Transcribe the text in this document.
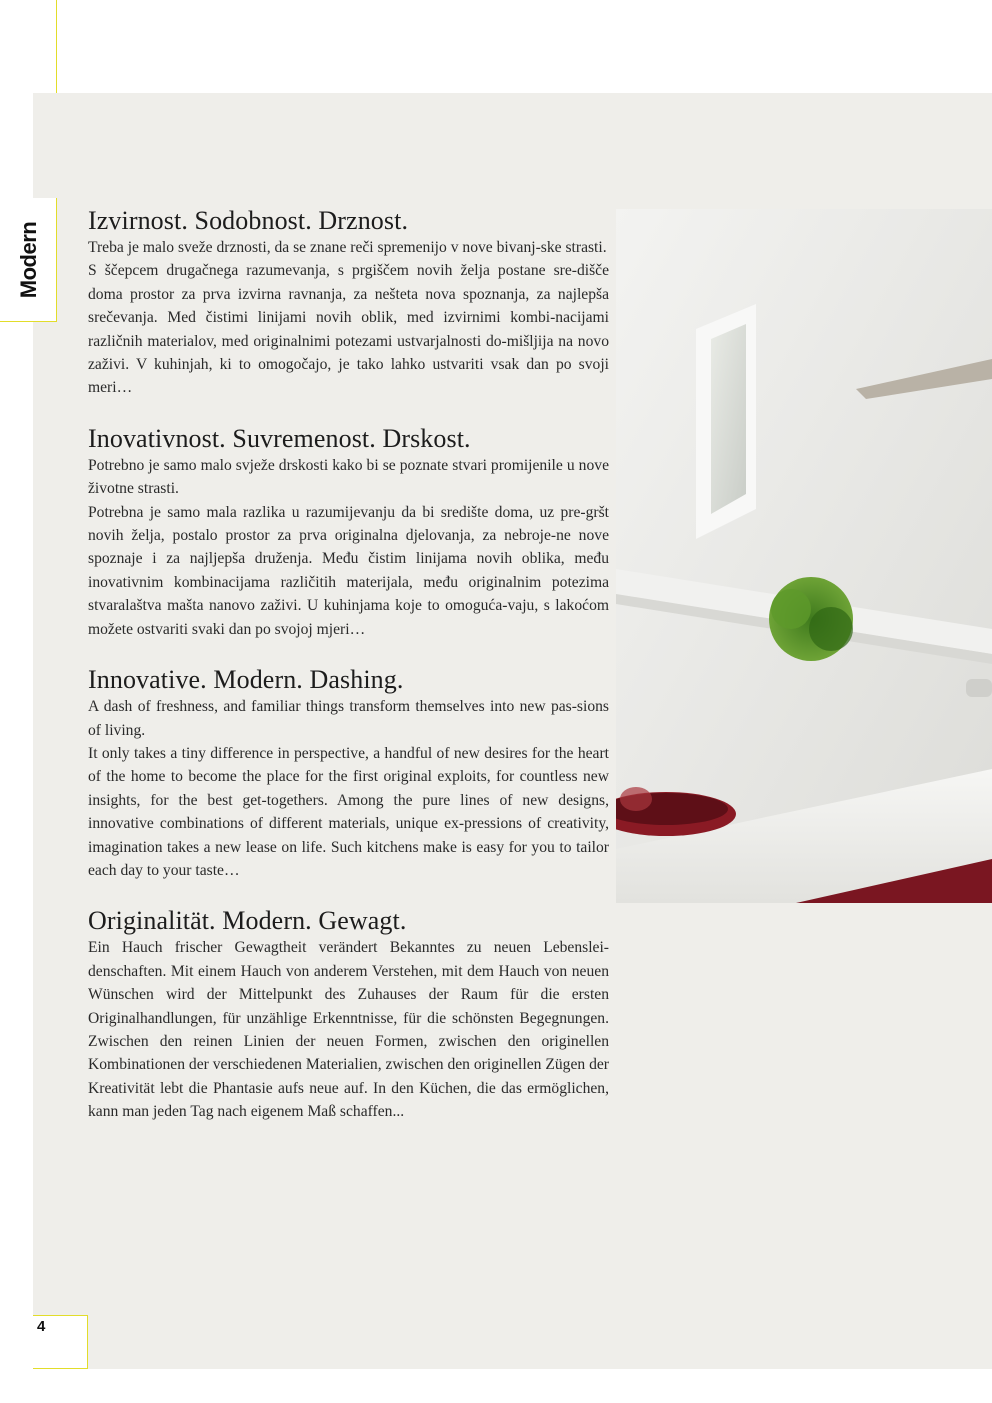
Modern
Izvirnost. Sodobnost. Drznost.

Treba je malo sveže drznosti, da se znane reči spremenijo v nove bivanj-ske strasti.

S ščepcem drugačnega razumevanja, s prgiščem novih želja postane sre-dišče doma prostor za prva izvirna ravnanja, za nešteta nova spoznanja, za najlepša srečevanja. Med čistimi linijami novih oblik, med izvirnimi kombi-nacijami različnih materialov, med originalnimi potezami ustvarjalnosti do-mišljija na novo zaživi. V kuhinjah, ki to omogočajo, je tako lahko ustvariti vsak dan po svoji meri…

Inovativnost. Suvremenost. Drskost.

Potrebno je samo malo svježe drskosti kako bi se poznate stvari promijenile u nove životne strasti.

Potrebna je samo mala razlika u razumijevanju da bi središte doma, uz pre-gršt novih želja, postalo prostor za prva originalna djelovanja, za nebroje-ne nove spoznaje i za najljepša druženja. Među čistim linijama novih oblika, među inovativnim kombinacijama različitih materijala, među originalnim potezima stvaralaštva mašta nanovo zaživi. U kuhinjama koje to omogućа-vaju, s lakoćom možete ostvariti svaki dan po svojoj mjeri…

Innovative. Modern. Dashing.

A dash of freshness, and familiar things transform themselves into new pas-sions of living.

It only takes a tiny difference in perspective, a handful of new desires for the heart of the home to become the place for the first original exploits, for countless new insights, for the best get-togethers. Among the pure lines of new designs, innovative combinations of different materials, unique ex-pressions of creativity, imagination takes a new lease on life. Such kitchens make is easy for you to tailor each day to your taste…

Originalität. Modern. Gewagt.

Ein Hauch frischer Gewagtheit verändert Bekanntes zu neuen Lebenslei-denschaften. Mit einem Hauch von anderem Verstehen, mit dem Hauch von neuen Wünschen wird der Mittelpunkt des Zuhauses der Raum für die ersten Originalhandlungen, für unzählige Erkenntnisse, für die schönsten Begegnungen. Zwischen den reinen Linien der neuen Formen, zwischen den originellen Kombinationen der verschiedenen Materialien, zwischen den originellen Zügen der Kreativität lebt die Phantasie aufs neue auf. In den Küchen, die das ermöglichen, kann man jeden Tag nach eigenem Maß schaffen...

4
